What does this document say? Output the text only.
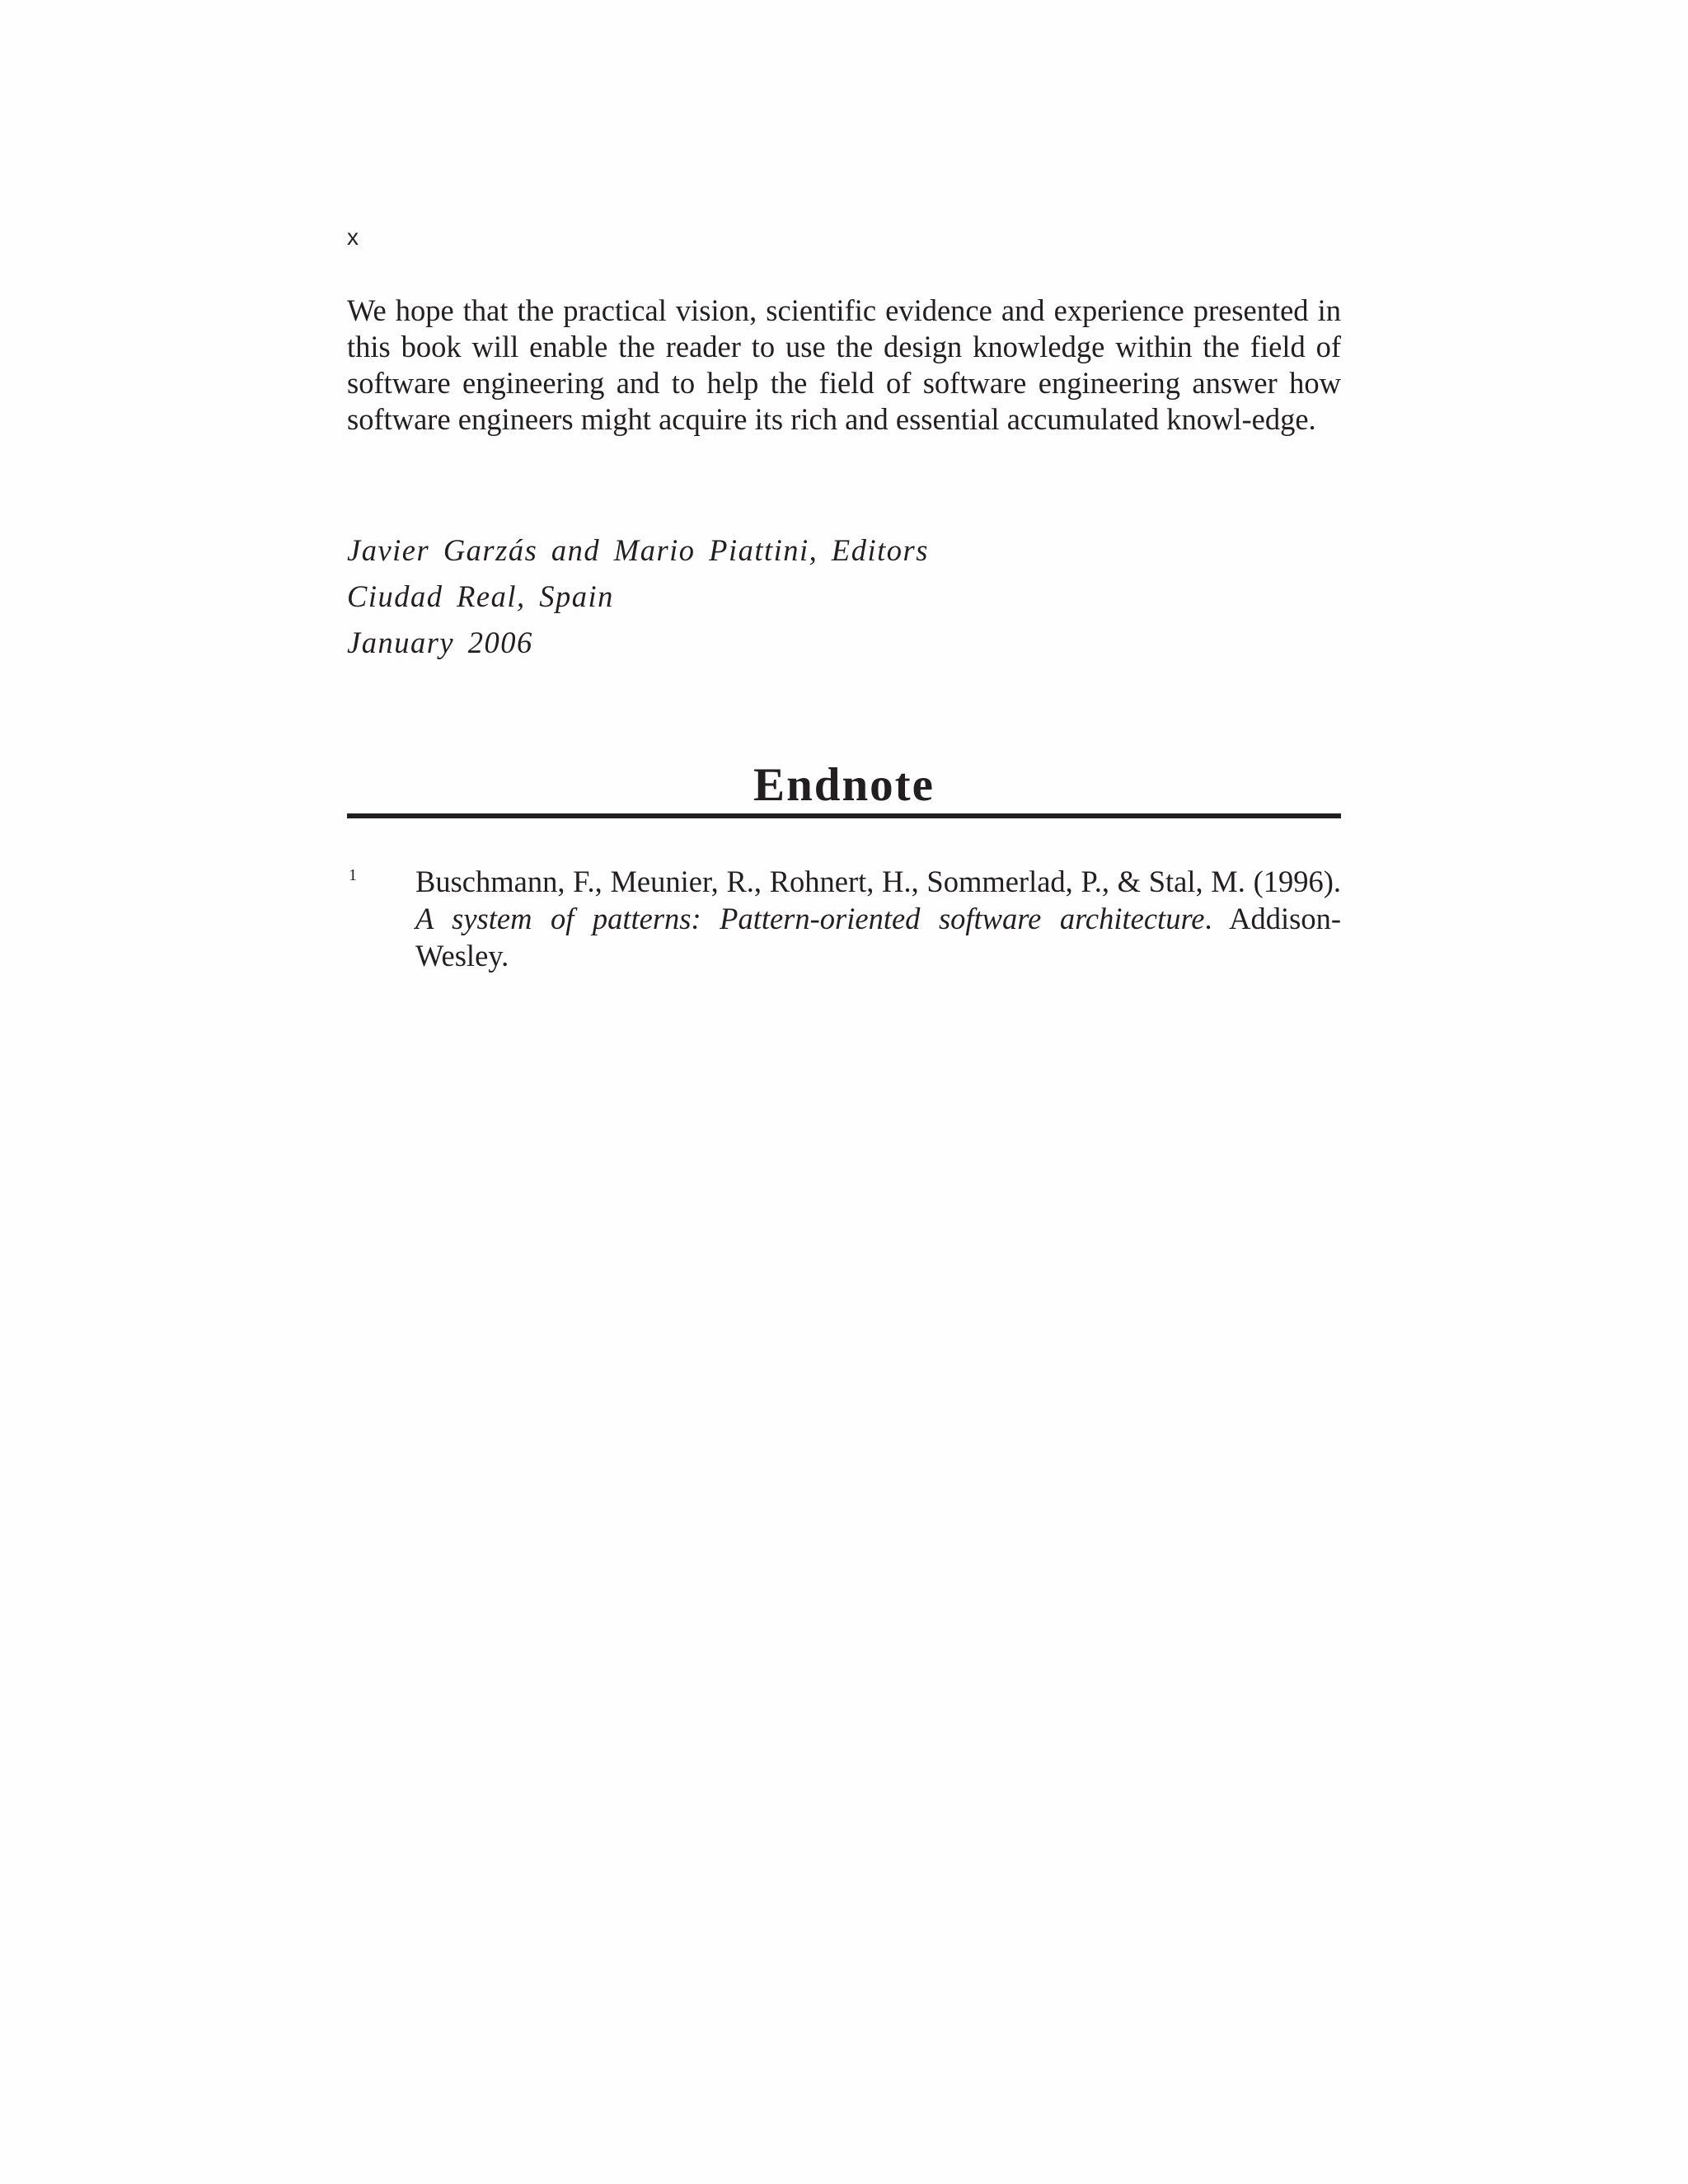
x

We hope that the practical vision, scientific evidence and experience presented in this book will enable the reader to use the design knowledge within the field of software engineering and to help the field of software engineering answer how software engineers might acquire its rich and essential accumulated knowl-edge.

Javier Garzás and Mario Piattini, Editors
Ciudad Real, Spain
January 2006
Endnote
1 Buschmann, F., Meunier, R., Rohnert, H., Sommerlad, P., & Stal, M. (1996). A system of patterns: Pattern-oriented software architecture. Addison-Wesley.
